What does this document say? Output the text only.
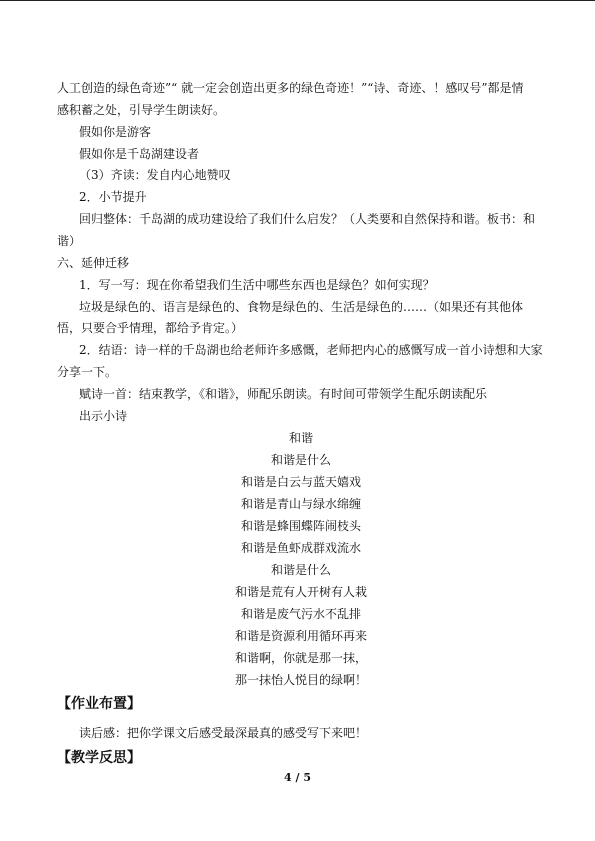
人工创造的绿色奇迹”“ 就一定会创造出更多的绿色奇迹！”“诗、奇迹、！感叹号”都是情
感积蓄之处，引导学生朗读好。
假如你是游客
假如你是千岛湖建设者
（3）齐读：发自内心地赞叹
2．小节提升
回归整体：千岛湖的成功建设给了我们什么启发？（人类要和自然保持和谐。板书：和
谐）
六、延伸迁移
1．写一写：现在你希望我们生活中哪些东西也是绿色？如何实现？
垃圾是绿色的、语言是绿色的、食物是绿色的、生活是绿色的……（如果还有其他体
悟，只要合乎情理，都给予肯定。）
2．结语：诗一样的千岛湖也给老师许多感慨，老师把内心的感慨写成一首小诗想和大家
分享一下。
赋诗一首：结束教学，《和谐》，师配乐朗读。有时间可带领学生配乐朗读配乐
出示小诗
和谐
和谐是什么
和谐是白云与蓝天嬉戏
和谐是青山与绿水绵缠
和谐是蜂围蝶阵闹枝头
和谐是鱼虾成群戏流水
和谐是什么
和谐是荒有人开树有人栽
和谐是废气污水不乱排
和谐是资源利用循环再来
和谐啊，你就是那一抹，
那一抹怡人悦目的绿啊！
【作业布置】
读后感：把你学课文后感受最深最真的感受写下来吧！
【教学反思】
4 / 5
